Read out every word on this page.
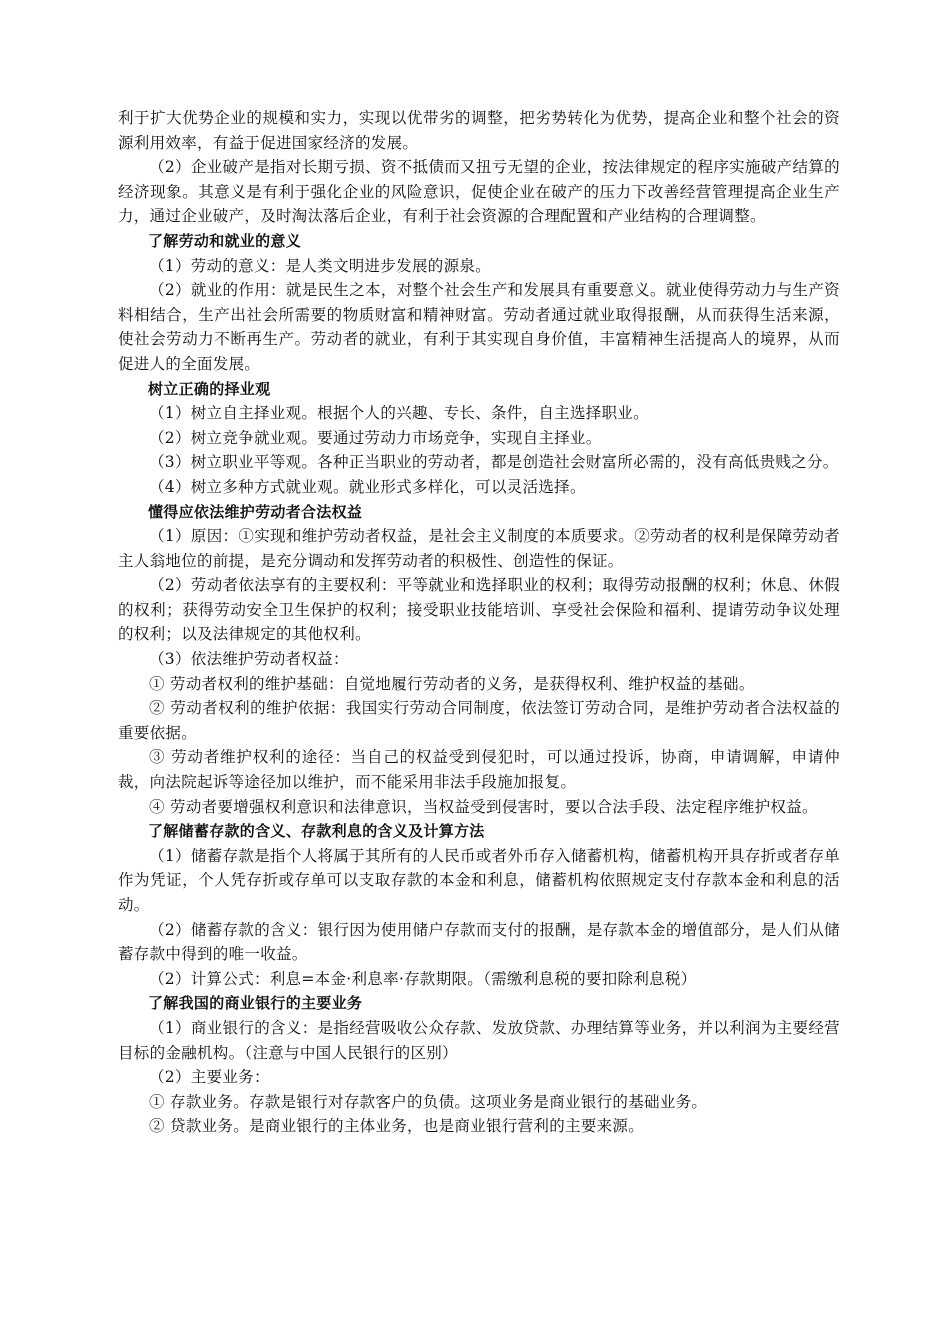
利于扩大优势企业的规模和实力，实现以优带劣的调整，把劣势转化为优势，提高企业和整个社会的资源利用效率，有益于促进国家经济的发展。

（2）企业破产是指对长期亏损、资不抵债而又扭亏无望的企业，按法律规定的程序实施破产结算的经济现象。其意义是有利于强化企业的风险意识，促使企业在破产的压力下改善经营管理提高企业生产力，通过企业破产，及时淘汰落后企业，有利于社会资源的合理配置和产业结构的合理调整。

了解劳动和就业的意义

（1）劳动的意义：是人类文明进步发展的源泉。

（2）就业的作用：就是民生之本，对整个社会生产和发展具有重要意义。就业使得劳动力与生产资料相结合，生产出社会所需要的物质财富和精神财富。劳动者通过就业取得报酬，从而获得生活来源，使社会劳动力不断再生产。劳动者的就业，有利于其实现自身价值，丰富精神生活提高人的境界，从而促进人的全面发展。

树立正确的择业观

（1）树立自主择业观。根据个人的兴趣、专长、条件，自主选择职业。

（2）树立竞争就业观。要通过劳动力市场竞争，实现自主择业。

（3）树立职业平等观。各种正当职业的劳动者，都是创造社会财富所必需的，没有高低贵贱之分。

（4）树立多种方式就业观。就业形式多样化，可以灵活选择。

懂得应依法维护劳动者合法权益

（1）原因：①实现和维护劳动者权益，是社会主义制度的本质要求。②劳动者的权利是保障劳动者主人翁地位的前提，是充分调动和发挥劳动者的积极性、创造性的保证。

（2）劳动者依法享有的主要权利：平等就业和选择职业的权利；取得劳动报酬的权利；休息、休假的权利；获得劳动安全卫生保护的权利；接受职业技能培训、享受社会保险和福利、提请劳动争议处理的权利；以及法律规定的其他权利。

（3）依法维护劳动者权益：

① 劳动者权利的维护基础：自觉地履行劳动者的义务，是获得权利、维护权益的基础。

② 劳动者权利的维护依据：我国实行劳动合同制度，依法签订劳动合同，是维护劳动者合法权益的重要依据。

③ 劳动者维护权利的途径：当自己的权益受到侵犯时，可以通过投诉，协商，申请调解，申请仲裁，向法院起诉等途径加以维护，而不能采用非法手段施加报复。

④ 劳动者要增强权利意识和法律意识，当权益受到侵害时，要以合法手段、法定程序维护权益。

了解储蓄存款的含义、存款利息的含义及计算方法

（1）储蓄存款是指个人将属于其所有的人民币或者外币存入储蓄机构，储蓄机构开具存折或者存单作为凭证，个人凭存折或存单可以支取存款的本金和利息，储蓄机构依照规定支付存款本金和利息的活动。

（2）储蓄存款的含义：银行因为使用储户存款而支付的报酬，是存款本金的增值部分，是人们从储蓄存款中得到的唯一收益。

（2）计算公式：利息=本金·利息率·存款期限。（需缴利息税的要扣除利息税）

了解我国的商业银行的主要业务

（1）商业银行的含义：是指经营吸收公众存款、发放贷款、办理结算等业务，并以利润为主要经营目标的金融机构。（注意与中国人民银行的区别）

（2）主要业务：

① 存款业务。存款是银行对存款客户的负债。这项业务是商业银行的基础业务。

② 贷款业务。是商业银行的主体业务，也是商业银行营利的主要来源。
